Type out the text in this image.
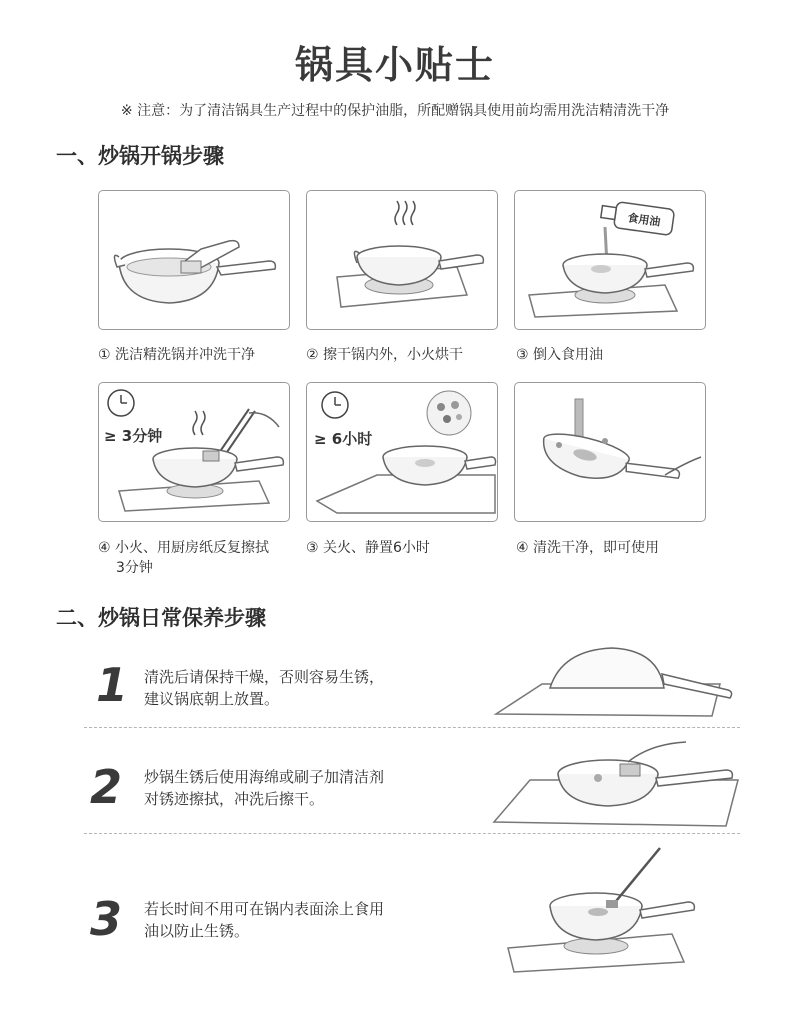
锅具小贴士
※ 注意：为了清洁锅具生产过程中的保护油脂，所配赠锅具使用前均需用洗洁精清洗干净
一、炒锅开锅步骤
① 洗洁精洗锅并冲洗干净	② 擦干锅内外，小火烘干
食用油
③ 倒入食用油
≥ 3分钟
④ 小火、用厨房纸反复擦拭
3分钟
≥ 6小时
③ 关火、静置6小时	④ 清洗干净，即可使用
二、炒锅日常保养步骤
1 清洗后请保持干燥，否则容易生锈，
建议锅底朝上放置。
2 炒锅生锈后使用海绵或刷子加清洁剂
对锈迹擦拭，冲洗后擦干。
3 若长时间不用可在锅内表面涂上食用
油以防止生锈。
